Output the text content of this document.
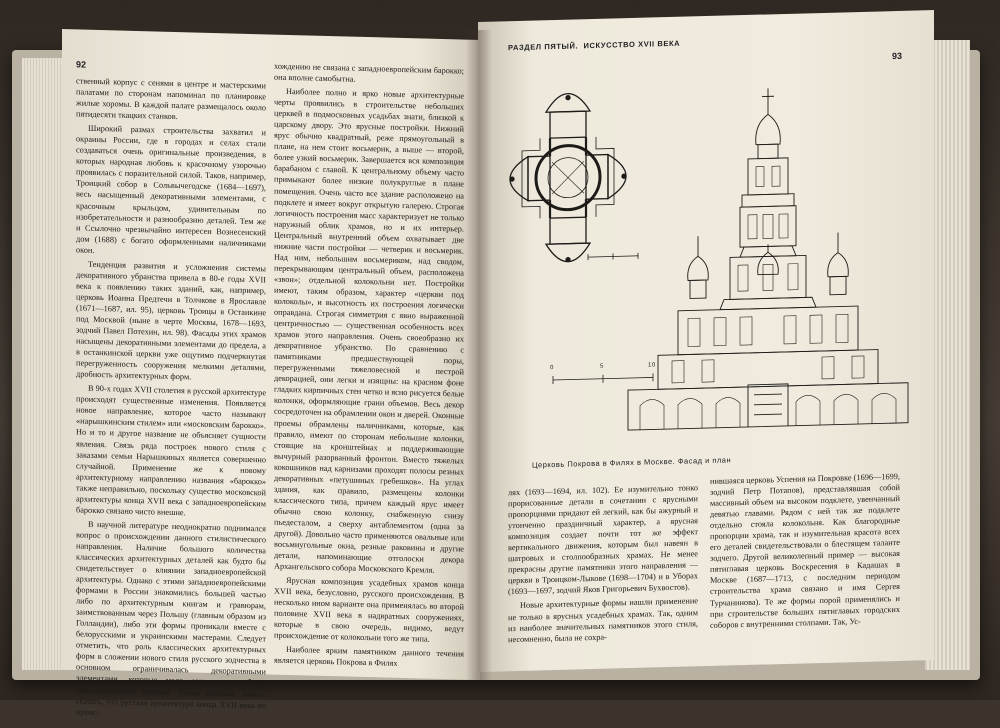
92

ственный корпус с сенями в центре и мастерскими палатами по сторонам напоминал по планировке жилые хоромы. В каждой палате размещалось около пятидесяти ткацких станков.

Широкий размах строительства захватил и окраины России, где в городах и селах стали создаваться очень оригинальные произведения, в которых народная любовь к красочному узорочью проявилась с поразительной силой. Таков, например, Троицкий собор в Сольвычегодске (1684—1697), весь насыщенный декоративными элементами, с красочным крыльцом, удивительным по изобретательности и разнообразию деталей. Тем же и Ссылочно чрезвычайно интересен Вознесенский дом (1688) с богато оформленными наличниками окон.

Тенденция развития и усложнения системы декоративного убранства привела в 80-е годы XVII века к появлению таких зданий, как, например, церковь Иоанна Предтечи в Толчкове в Ярославле (1671—1687, ил. 95), церковь Троицы в Останкине под Москвой (ныне в черте Москвы, 1678—1693, зодчий Павел Потехин, ил. 98). Фасады этих храмов насыщены декоративными элементами до предела, а в останкинской церкви уже ощутимо подчеркнутая перегруженность сооружения мелкими деталями, дробность архитектурных форм.

В 90-х годах XVII столетия в русской архитектуре происходят существенные изменения. Появляется новое направление, которое часто называют «нарышкинским стилем» или «московским барокко». Но и то и другое название не объясняет сущности явления. Связь ряда построек нового стиля с заказами семьи Нарышкиных является совершенно случайной. Применение же к новому архитектурному направлению названия «барокко» также неправильно, поскольку существо московской архитектуры конца XVII века с западноевропейским барокко связано чисто внешне.

В научной литературе неоднократно поднимался вопрос о происхождении данного стилистического направления. Наличие большого количества классических архитектурных деталей как будто бы свидетельствует о влиянии западноевропейской архитектуры. Однако с этими западноевропейскими формами в России знакомились большей частью либо по архитектурным книгам и гравюрам, заимствованным через Польшу (главным образом из Голландии), либо эти формы проникали вместе с белорусскими и украинскими мастерами. Следует отметить, что роль классических архитектурных форм в сложении нового стиля русского зодчества в основном ограничивалась декоративными элементами, которые мало затрагивали общие композиционные приемы. Таким образом, можно сказать, что русская архитектура конца XVII века по проис-

хождению не связана с западноевропейским барокко; она вполне самобытна.

Наиболее полно и ярко новые архитектурные черты проявились в строительстве небольших церквей в подмосковных усадьбах знати, близкой к царскому двору. Это ярусные постройки. Нижний ярус обычно квадратный, реже прямоугольный в плане, на нем стоит восьмерик, а выше — второй, более узкий восьмерик. Завершается вся композиция барабаном с главой. К центральному объему часто примыкают более низкие полукруглые в плане помещения. Очень часто все здание расположено на подклете и имеет вокруг открытую галерею. Строгая логичность построения масс характеризует не только наружный облик храмов, но и их интерьер. Центральный внутренний объем охватывает две нижние части постройки — четверик и восьмерик. Над ним, небольшим восьмериком, над сводом, перекрывающим центральный объем, расположена «звон»; отдельной колокольни нет. Постройки имеют, таким образом, характер «церкви под колоколы», и высотность их построения логически оправдана. Строгая симметрия с явно выраженной центричностью — существенная особенность всех храмов этого направления. Очень своеобразно их декоративное убранство. По сравнению с памятниками предшествующей поры, перегруженными тяжеловесной и пестрой декорацией, они легки и изящны: на красном фоне гладких кирпичных стен четко и ясно рисуется белые колонки, оформляющие грани объемов. Весь декор сосредоточен на обрамлении окон и дверей. Оконные проемы обрамлены наличниками, которые, как правило, имеют по сторонам небольшие колонки, стоящие на кронштейнах и поддерживающие вычурный разорванный фронтон. Вместо тяжелых кокошников над карнизами проходят полосы резных декоративных «петушиных гребешков». На углах здания, как правило, размещены колонки классического типа, причем каждый ярус имеет обычно свою колонку, снабженную снизу пьедесталом, а сверху антаблементом (одна за другой). Довольно часто применяются овальные или восьмиугольные окна, резные раковины и другие детали, напоминающие отголоски декора Архангельского собора Московского Кремля.

Ярусная композиция усадебных храмов конца XVII века, безусловно, русского происхождения. В несколько ином варианте она применялась во второй половине XVII века в надвратных сооружениях, которые в свою очередь, видимо, ведут происхождение от колокольни того же типа.

Наиболее ярким памятником данного течения является церковь Покрова в Филях

РАЗДЕЛ ПЯТЫЙ. ИСКУССТВО XVII ВЕКА
93
0	5	10
Церковь Покрова в Филях в Москве. Фасад и план

лях (1693—1694, ил. 102). Ее изумительно тонко прорисованные детали в сочетании с ярусными пропорциями придают ей легкий, как бы ажурный и утонченно праздничный характер, а ярусная композиция создает почти тот же эффект вертикального движения, которым был навеян в шатровых и столпообразных храмах. Не менее прекрасны другие памятники этого направления — церкви в Троицком-Лыкове (1698—1704) и в Уборах (1693—1697, зодчий Яков Григорьевич Бухвостов).

Новые архитектурные формы нашли применение не только в ярусных усадебных храмах. Так, одним из наиболее значительных памятников этого стиля, несомненно, была не сохра-

нившаяся церковь Успения на Покровке (1696—1699, зодчий Петр Потапов), представлявшая собой массивный объем на высоком подклете, увенчанный девятью главами. Рядом с ней так же подклете отдельно стояла колокольня. Как благородные пропорции храма, так и изумительная красота всех его деталей свидетельствовали о блестящем таланте зодчего. Другой великолепный пример — высокая пятиглавая церковь Воскресения в Кадашах в Москве (1687—1713, с последним периодом строительства храма связано и имя Сергея Турчанинова). Те же формы порой применялись и при строительстве больших пятиглавых городских соборов с внутренними столпами. Так, Ус-
